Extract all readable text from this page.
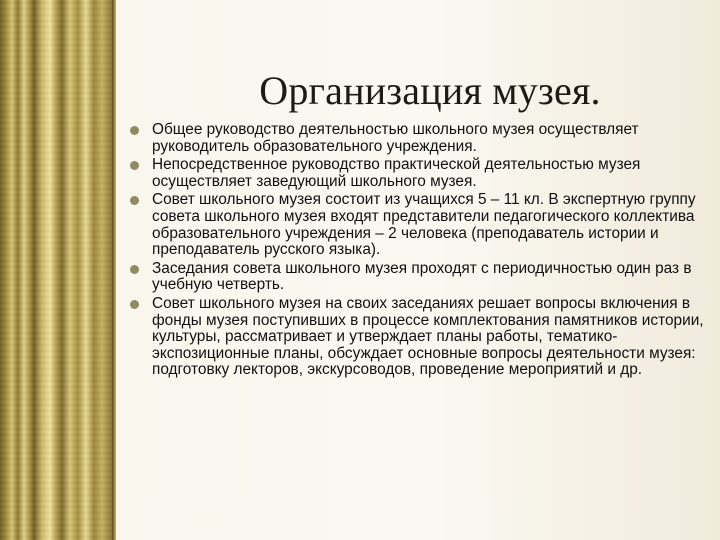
Организация музея.
Общее руководство деятельностью школьного музея осуществляет руководитель образовательного учреждения.
Непосредственное руководство практической деятельностью музея осуществляет заведующий школьного музея.
Совет школьного музея состоит из учащихся 5 – 11 кл. В экспертную группу совета школьного музея входят представители педагогического коллектива образовательного учреждения – 2 человека (преподаватель истории и преподаватель русского языка).
Заседания совета школьного музея проходят с периодичностью один раз в учебную четверть.
Совет школьного музея на своих заседаниях решает вопросы включения в фонды музея поступивших в процессе комплектования памятников истории, культуры, рассматривает и утверждает планы работы, тематико-экспозиционные планы, обсуждает основные вопросы деятельности музея: подготовку лекторов, экскурсоводов, проведение мероприятий и др.
